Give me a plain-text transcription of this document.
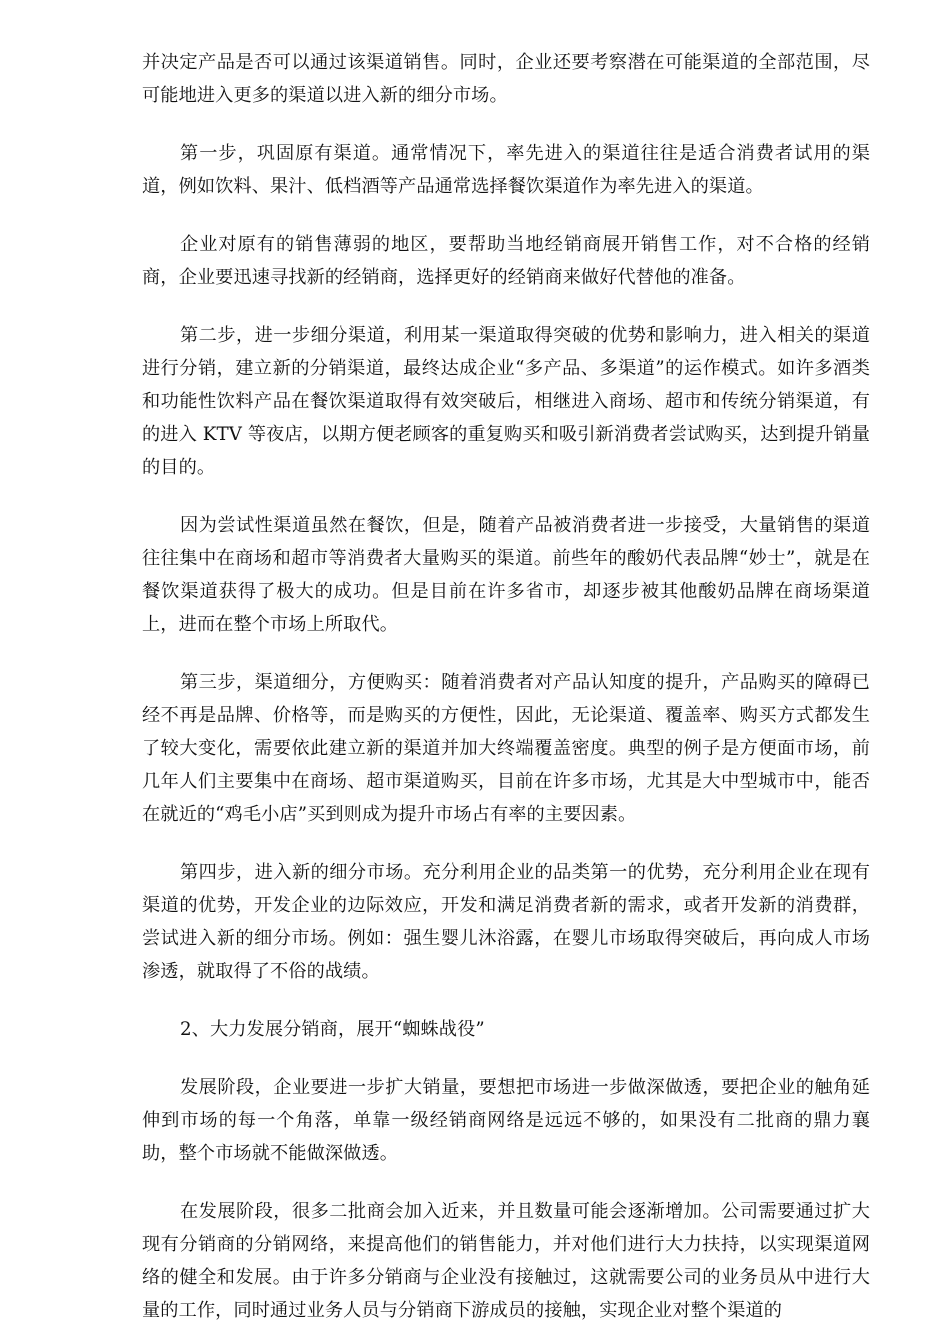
并决定产品是否可以通过该渠道销售。同时，企业还要考察潜在可能渠道的全部范围，尽可能地进入更多的渠道以进入新的细分市场。

第一步，巩固原有渠道。通常情况下，率先进入的渠道往往是适合消费者试用的渠道，例如饮料、果汁、低档酒等产品通常选择餐饮渠道作为率先进入的渠道。

企业对原有的销售薄弱的地区，要帮助当地经销商展开销售工作，对不合格的经销商，企业要迅速寻找新的经销商，选择更好的经销商来做好代替他的准备。

第二步，进一步细分渠道，利用某一渠道取得突破的优势和影响力，进入相关的渠道进行分销，建立新的分销渠道，最终达成企业“多产品、多渠道”的运作模式。如许多酒类和功能性饮料产品在餐饮渠道取得有效突破后，相继进入商场、超市和传统分销渠道，有的进入 KTV 等夜店，以期方便老顾客的重复购买和吸引新消费者尝试购买，达到提升销量的目的。

因为尝试性渠道虽然在餐饮，但是，随着产品被消费者进一步接受，大量销售的渠道往往集中在商场和超市等消费者大量购买的渠道。前些年的酸奶代表品牌“妙士”，就是在餐饮渠道获得了极大的成功。但是目前在许多省市，却逐步被其他酸奶品牌在商场渠道上，进而在整个市场上所取代。

第三步，渠道细分，方便购买：随着消费者对产品认知度的提升，产品购买的障碍已经不再是品牌、价格等，而是购买的方便性，因此，无论渠道、覆盖率、购买方式都发生了较大变化，需要依此建立新的渠道并加大终端覆盖密度。典型的例子是方便面市场，前几年人们主要集中在商场、超市渠道购买，目前在许多市场，尤其是大中型城市中，能否在就近的“鸡毛小店”买到则成为提升市场占有率的主要因素。

第四步，进入新的细分市场。充分利用企业的品类第一的优势，充分利用企业在现有渠道的优势，开发企业的边际效应，开发和满足消费者新的需求，或者开发新的消费群，尝试进入新的细分市场。例如：强生婴儿沐浴露，在婴儿市场取得突破后，再向成人市场渗透，就取得了不俗的战绩。

2、大力发展分销商，展开“蜘蛛战役”

发展阶段，企业要进一步扩大销量，要想把市场进一步做深做透，要把企业的触角延伸到市场的每一个角落，单靠一级经销商网络是远远不够的，如果没有二批商的鼎力襄助，整个市场就不能做深做透。

在发展阶段，很多二批商会加入近来，并且数量可能会逐渐增加。公司需要通过扩大现有分销商的分销网络，来提高他们的销售能力，并对他们进行大力扶持，以实现渠道网络的健全和发展。由于许多分销商与企业没有接触过，这就需要公司的业务员从中进行大量的工作，同时通过业务人员与分销商下游成员的接触，实现企业对整个渠道的
